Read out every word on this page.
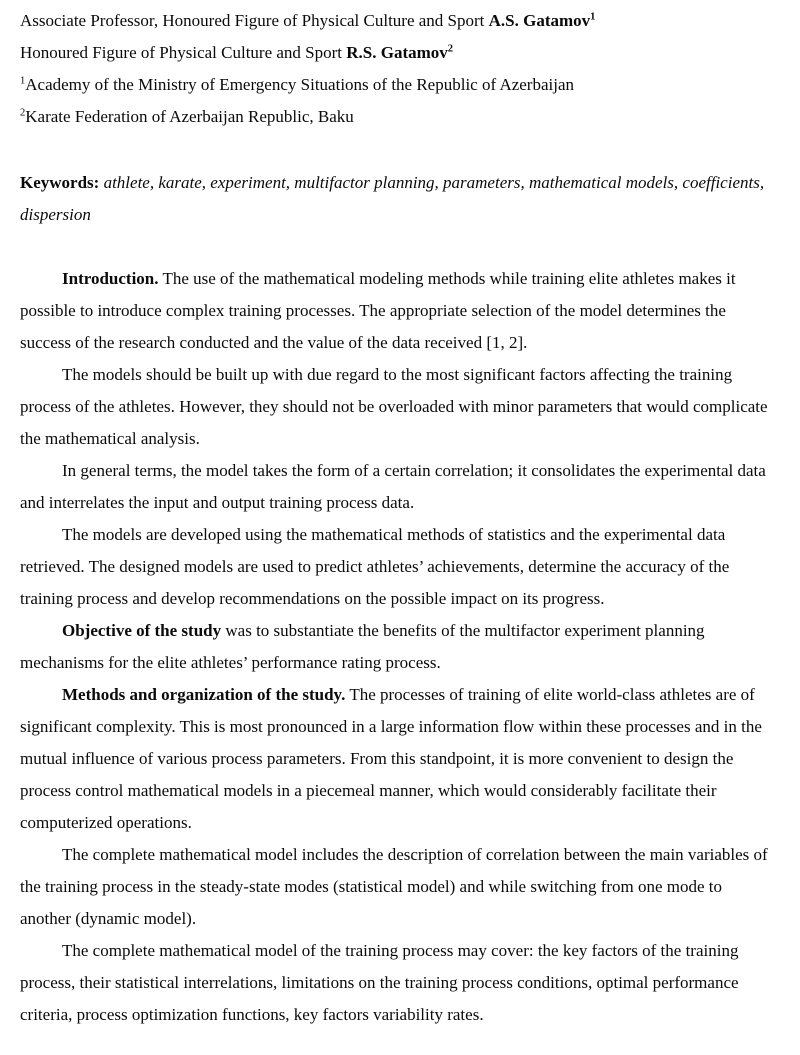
Associate Professor, Honoured Figure of Physical Culture and Sport A.S. Gatamov$^1$

Honoured Figure of Physical Culture and Sport R.S. Gatamov$^2$

$^1$Academy of the Ministry of Emergency Situations of the Republic of Azerbaijan

$^2$Karate Federation of Azerbaijan Republic, Baku

Keywords: athlete, karate, experiment, multifactor planning, parameters, mathematical models, coefficients, dispersion

Introduction. The use of the mathematical modeling methods while training elite athletes makes it possible to introduce complex training processes. The appropriate selection of the model determines the success of the research conducted and the value of the data received [1, 2].

The models should be built up with due regard to the most significant factors affecting the training process of the athletes. However, they should not be overloaded with minor parameters that would complicate the mathematical analysis.

In general terms, the model takes the form of a certain correlation; it consolidates the experimental data and interrelates the input and output training process data.

The models are developed using the mathematical methods of statistics and the experimental data retrieved. The designed models are used to predict athletes’ achievements, determine the accuracy of the training process and develop recommendations on the possible impact on its progress.

Objective of the study was to substantiate the benefits of the multifactor experiment planning mechanisms for the elite athletes’ performance rating process.

Methods and organization of the study. The processes of training of elite world-class athletes are of significant complexity. This is most pronounced in a large information flow within these processes and in the mutual influence of various process parameters. From this standpoint, it is more convenient to design the process control mathematical models in a piecemeal manner, which would considerably facilitate their computerized operations.

The complete mathematical model includes the description of correlation between the main variables of the training process in the steady-state modes (statistical model) and while switching from one mode to another (dynamic model).

The complete mathematical model of the training process may cover: the key factors of the training process, their statistical interrelations, limitations on the training process conditions, optimal performance criteria, process optimization functions, key factors variability rates.
